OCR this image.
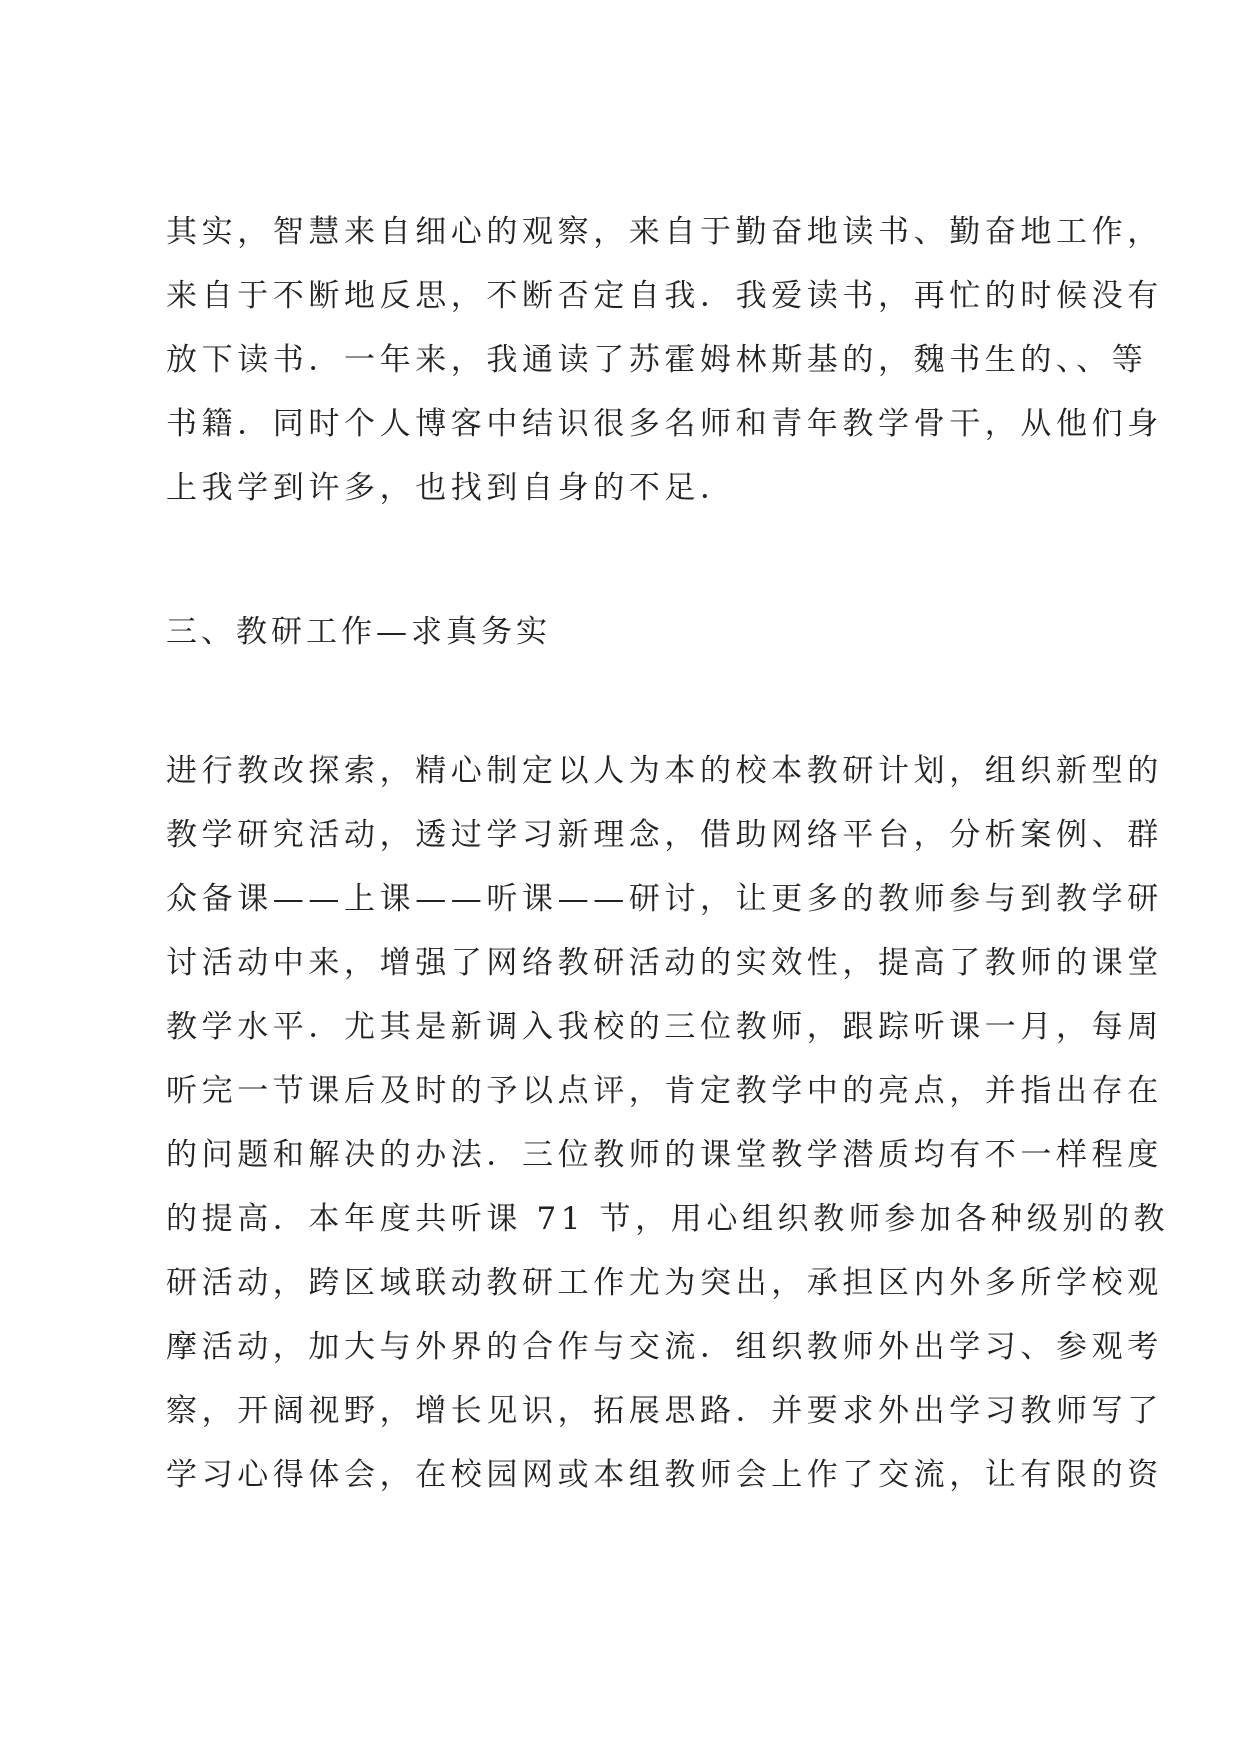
其实，智慧来自细心的观察，来自于勤奋地读书、勤奋地工作，
来自于不断地反思，不断否定自我．我爱读书，再忙的时候没有
放下读书．一年来，我通读了苏霍姆林斯基的，魏书生的、、等
书籍．同时个人博客中结识很多名师和青年教学骨干，从他们身
上我学到许多，也找到自身的不足．
三、教研工作—求真务实
进行教改探索，精心制定以人为本的校本教研计划，组织新型的
教学研究活动，透过学习新理念，借助网络平台，分析案例、群
众备课——上课——听课——研讨，让更多的教师参与到教学研
讨活动中来，增强了网络教研活动的实效性，提高了教师的课堂
教学水平．尤其是新调入我校的三位教师，跟踪听课一月，每周
听完一节课后及时的予以点评，肯定教学中的亮点，并指出存在
的问题和解决的办法．三位教师的课堂教学潜质均有不一样程度
的提高．本年度共听课 71 节，用心组织教师参加各种级别的教
研活动，跨区域联动教研工作尤为突出，承担区内外多所学校观
摩活动，加大与外界的合作与交流．组织教师外出学习、参观考
察，开阔视野，增长见识，拓展思路．并要求外出学习教师写了
学习心得体会，在校园网或本组教师会上作了交流，让有限的资
